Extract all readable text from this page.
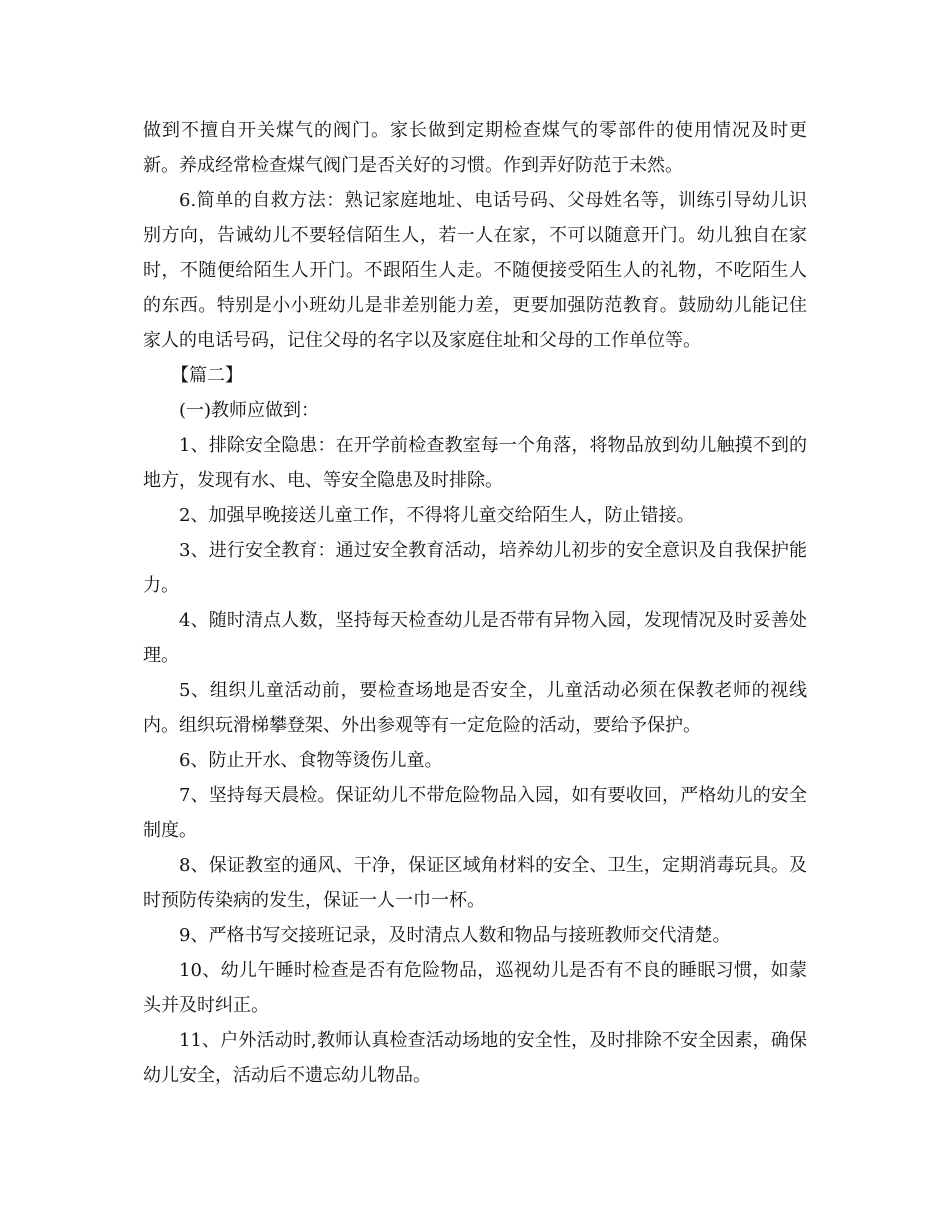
做到不擅自开关煤气的阀门。家长做到定期检查煤气的零部件的使用情况及时更新。养成经常检查煤气阀门是否关好的习惯。作到弄好防范于未然。

6.简单的自救方法：熟记家庭地址、电话号码、父母姓名等，训练引导幼儿识别方向，告诫幼儿不要轻信陌生人，若一人在家，不可以随意开门。幼儿独自在家时，不随便给陌生人开门。不跟陌生人走。不随便接受陌生人的礼物，不吃陌生人的东西。特别是小小班幼儿是非差别能力差，更要加强防范教育。鼓励幼儿能记住家人的电话号码，记住父母的名字以及家庭住址和父母的工作单位等。

【篇二】

(一)教师应做到：

1、排除安全隐患：在开学前检查教室每一个角落，将物品放到幼儿触摸不到的地方，发现有水、电、等安全隐患及时排除。

2、加强早晚接送儿童工作，不得将儿童交给陌生人，防止错接。

3、进行安全教育：通过安全教育活动，培养幼儿初步的安全意识及自我保护能力。

4、随时清点人数，坚持每天检查幼儿是否带有异物入园，发现情况及时妥善处理。

5、组织儿童活动前，要检查场地是否安全，儿童活动必须在保教老师的视线内。组织玩滑梯攀登架、外出参观等有一定危险的活动，要给予保护。

6、防止开水、食物等烫伤儿童。

7、坚持每天晨检。保证幼儿不带危险物品入园，如有要收回，严格幼儿的安全制度。

8、保证教室的通风、干净，保证区域角材料的安全、卫生，定期消毒玩具。及时预防传染病的发生，保证一人一巾一杯。

9、严格书写交接班记录，及时清点人数和物品与接班教师交代清楚。

10、幼儿午睡时检查是否有危险物品，巡视幼儿是否有不良的睡眠习惯，如蒙头并及时纠正。

11、户外活动时,教师认真检查活动场地的安全性，及时排除不安全因素，确保幼儿安全，活动后不遗忘幼儿物品。
